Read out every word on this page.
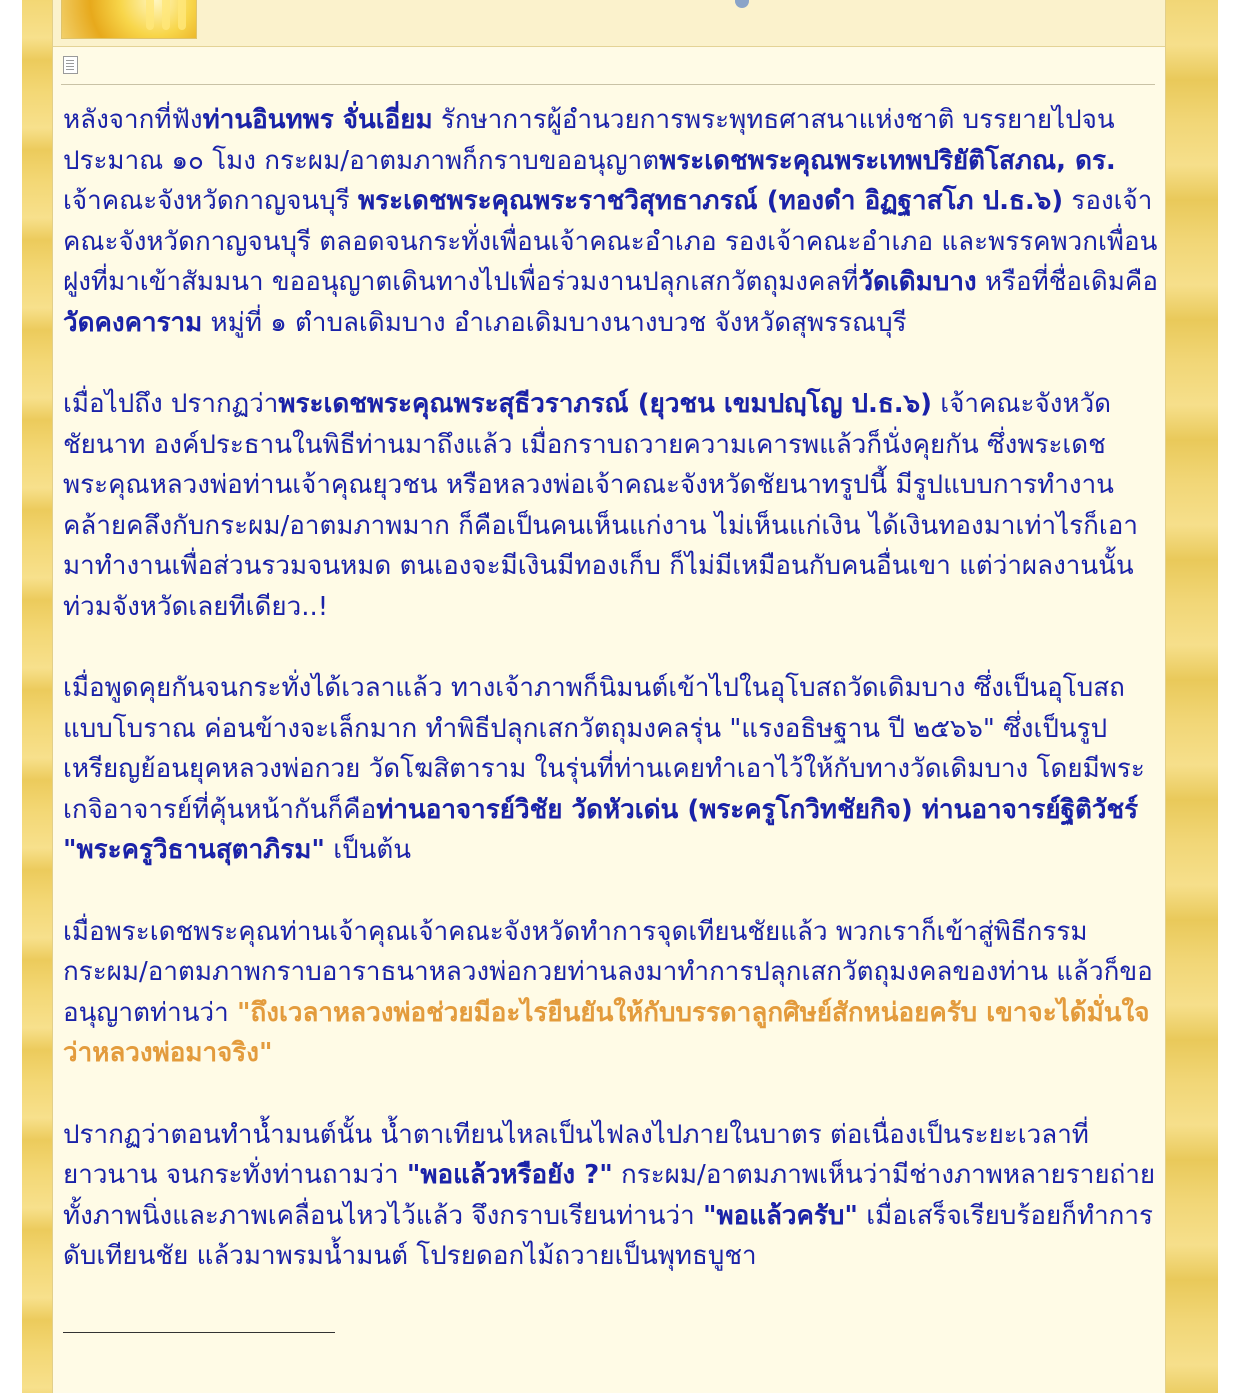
หลังจากที่ฟังท่านอินทพร จั่นเอี่ยม รักษาการผู้อำนวยการพระพุทธศาสนาแห่งชาติ บรรยายไปจนประมาณ ๑๐ โมง กระผม/อาตมภาพก็กราบขออนุญาตพระเดชพระคุณพระเทพปริยัติโสภณ, ดร. เจ้าคณะจังหวัดกาญจนบุรี พระเดชพระคุณพระราชวิสุทธาภรณ์ (ทองดำ อิฏฐาสโภ ป.ธ.๖) รองเจ้าคณะจังหวัดกาญจนบุรี ตลอดจนกระทั่งเพื่อนเจ้าคณะอำเภอ รองเจ้าคณะอำเภอ และพรรคพวกเพื่อนฝูงที่มาเข้าสัมมนา ขออนุญาตเดินทางไปเพื่อร่วมงานปลุกเสกวัตถุมงคลที่วัดเดิมบาง หรือที่ชื่อเดิมคือวัดคงคาราม หมู่ที่ ๑ ตำบลเดิมบาง อำเภอเดิมบางนางบวช จังหวัดสุพรรณบุรี

เมื่อไปถึง ปรากฏว่าพระเดชพระคุณพระสุธีวราภรณ์ (ยุวชน เขมปญฺโญ ป.ธ.๖) เจ้าคณะจังหวัดชัยนาท องค์ประธานในพิธีท่านมาถึงแล้ว เมื่อกราบถวายความเคารพแล้วก็นั่งคุยกัน ซึ่งพระเดชพระคุณหลวงพ่อท่านเจ้าคุณยุวชน หรือหลวงพ่อเจ้าคณะจังหวัดชัยนาทรูปนี้ มีรูปแบบการทำงานคล้ายคลึงกับกระผม/อาตมภาพมาก ก็คือเป็นคนเห็นแก่งาน ไม่เห็นแก่เงิน ได้เงินทองมาเท่าไรก็เอามาทำงานเพื่อส่วนรวมจนหมด ตนเองจะมีเงินมีทองเก็บ ก็ไม่มีเหมือนกับคนอื่นเขา แต่ว่าผลงานนั้นท่วมจังหวัดเลยทีเดียว..!

เมื่อพูดคุยกันจนกระทั่งได้เวลาแล้ว ทางเจ้าภาพก็นิมนต์เข้าไปในอุโบสถวัดเดิมบาง ซึ่งเป็นอุโบสถแบบโบราณ ค่อนข้างจะเล็กมาก ทำพิธีปลุกเสกวัตถุมงคลรุ่น "แรงอธิษฐาน ปี ๒๕๖๖" ซึ่งเป็นรูปเหรียญย้อนยุคหลวงพ่อกวย วัดโฆสิตาราม ในรุ่นที่ท่านเคยทำเอาไว้ให้กับทางวัดเดิมบาง โดยมีพระเกจิอาจารย์ที่คุ้นหน้ากันก็คือท่านอาจารย์วิชัย วัดหัวเด่น (พระครูโกวิทชัยกิจ) ท่านอาจารย์ฐิติวัชร์ "พระครูวิธานสุตาภิรม" เป็นต้น

เมื่อพระเดชพระคุณท่านเจ้าคุณเจ้าคณะจังหวัดทำการจุดเทียนชัยแล้ว พวกเราก็เข้าสู่พิธีกรรม กระผม/อาตมภาพกราบอาราธนาหลวงพ่อกวยท่านลงมาทำการปลุกเสกวัตถุมงคลของท่าน แล้วก็ขออนุญาตท่านว่า "ถึงเวลาหลวงพ่อช่วยมีอะไรยืนยันให้กับบรรดาลูกศิษย์สักหน่อยครับ เขาจะได้มั่นใจว่าหลวงพ่อมาจริง"

ปรากฏว่าตอนทำน้ำมนต์นั้น น้ำตาเทียนไหลเป็นไฟลงไปภายในบาตร ต่อเนื่องเป็นระยะเวลาที่ยาวนาน จนกระทั่งท่านถามว่า "พอแล้วหรือยัง ?" กระผม/อาตมภาพเห็นว่ามีช่างภาพหลายรายถ่ายทั้งภาพนิ่งและภาพเคลื่อนไหวไว้แล้ว จึงกราบเรียนท่านว่า "พอแล้วครับ" เมื่อเสร็จเรียบร้อยก็ทำการดับเทียนชัย แล้วมาพรมน้ำมนต์ โปรยดอกไม้ถวายเป็นพุทธบูชา
